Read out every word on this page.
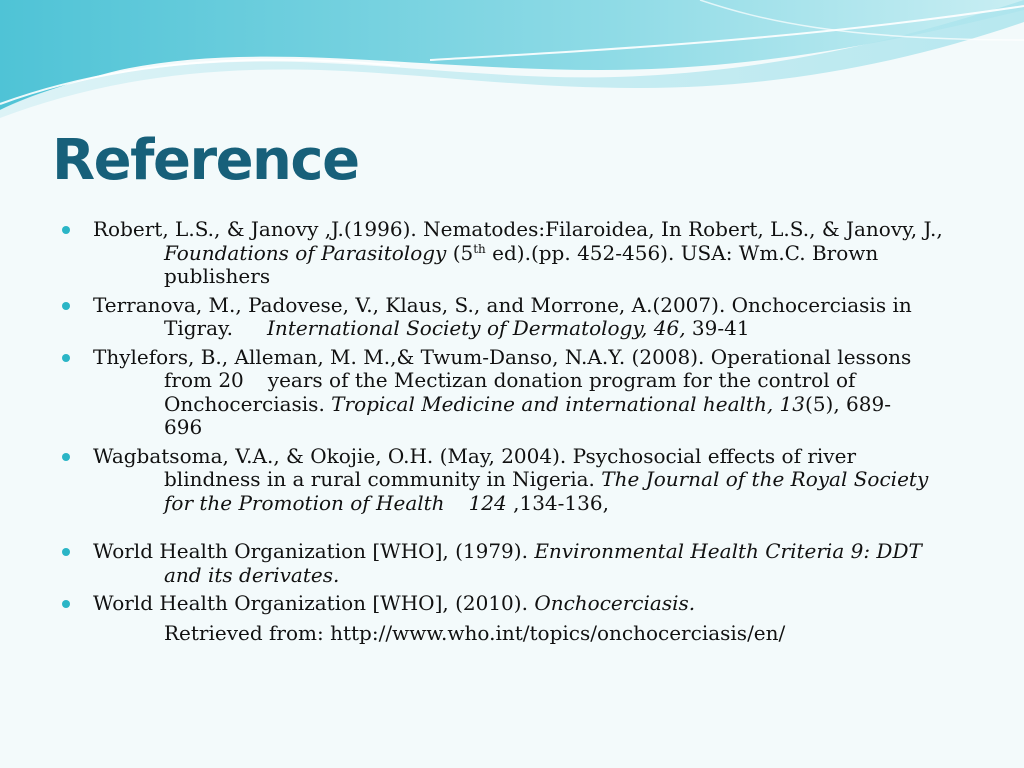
Reference
Robert, L.S., & Janovy ,J.(1996). Nematodes:Filaroidea, In Robert, L.S., & Janovy, J.,
Foundations of Parasitology (5th ed).(pp. 452-456). USA: Wm.C. Brown
publishers
Terranova, M., Padovese, V., Klaus, S., and Morrone, A.(2007). Onchocerciasis in
Tigray. International Society of Dermatology, 46, 39-41
Thylefors, B., Alleman, M. M.,& Twum-Danso, N.A.Y. (2008). Operational lessons
from 20 years of the Mectizan donation program for the control of
Onchocerciasis. Tropical Medicine and international health, 13(5), 689-
696
Wagbatsoma, V.A., & Okojie, O.H. (May, 2004). Psychosocial effects of river
blindness in a rural community in Nigeria. The Journal of the Royal Society
for the Promotion of Health 124 ,134-136,
World Health Organization [WHO], (1979). Environmental Health Criteria 9: DDT
and its derivates.
World Health Organization [WHO], (2010). Onchocerciasis.
Retrieved from: http://www.who.int/topics/onchocerciasis/en/
